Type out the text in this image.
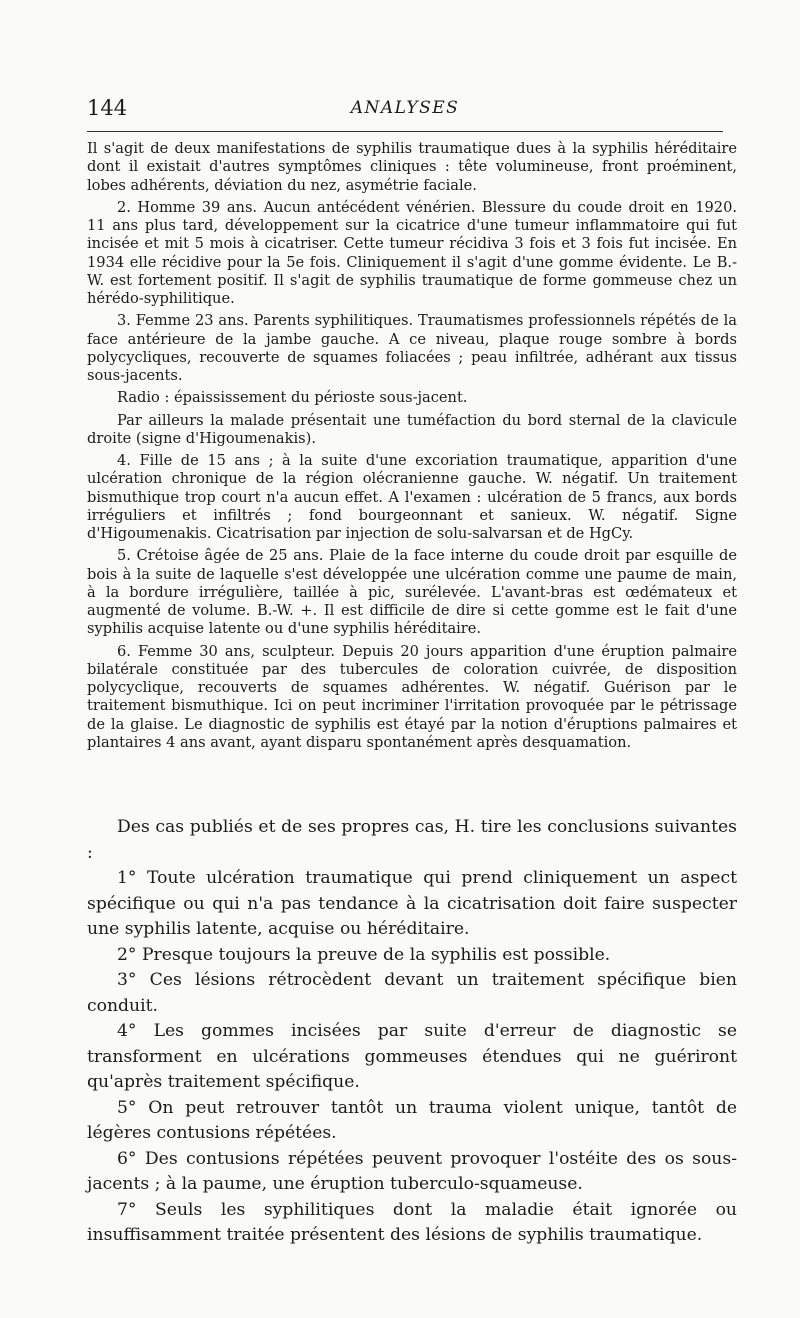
144	ANALYSES

Il s'agit de deux manifestations de syphilis traumatique dues à la syphilis héréditaire dont il existait d'autres symptômes cliniques : tête volumineuse, front proéminent, lobes adhérents, déviation du nez, asymétrie faciale.

2. Homme 39 ans. Aucun antécédent vénérien. Blessure du coude droit en 1920. 11 ans plus tard, développement sur la cicatrice d'une tumeur inflammatoire qui fut incisée et mit 5 mois à cicatriser. Cette tumeur récidiva 3 fois et 3 fois fut incisée. En 1934 elle récidive pour la 5e fois. Cliniquement il s'agit d'une gomme évidente. Le B.-W. est fortement positif. Il s'agit de syphilis traumatique de forme gommeuse chez un hérédo-syphilitique.

3. Femme 23 ans. Parents syphilitiques. Traumatismes professionnels répétés de la face antérieure de la jambe gauche. A ce niveau, plaque rouge sombre à bords polycycliques, recouverte de squames foliacées ; peau infiltrée, adhérant aux tissus sous-jacents.

Radio : épaississement du périoste sous-jacent.

Par ailleurs la malade présentait une tuméfaction du bord sternal de la clavicule droite (signe d'Higoumenakis).

4. Fille de 15 ans ; à la suite d'une excoriation traumatique, apparition d'une ulcération chronique de la région olécranienne gauche. W. négatif. Un traitement bismuthique trop court n'a aucun effet. A l'examen : ulcération de 5 francs, aux bords irréguliers et infiltrés ; fond bourgeonnant et sanieux. W. négatif. Signe d'Higoumenakis. Cicatrisation par injection de solu-salvarsan et de HgCy.

5. Crétoise âgée de 25 ans. Plaie de la face interne du coude droit par esquille de bois à la suite de laquelle s'est développée une ulcération comme une paume de main, à la bordure irrégulière, taillée à pic, surélevée. L'avant-bras est œdémateux et augmenté de volume. B.-W. +. Il est difficile de dire si cette gomme est le fait d'une syphilis acquise latente ou d'une syphilis héréditaire.

6. Femme 30 ans, sculpteur. Depuis 20 jours apparition d'une éruption palmaire bilatérale constituée par des tubercules de coloration cuivrée, de disposition polycyclique, recouverts de squames adhérentes. W. négatif. Guérison par le traitement bismuthique. Ici on peut incriminer l'irritation provoquée par le pétrissage de la glaise. Le diagnostic de syphilis est étayé par la notion d'éruptions palmaires et plantaires 4 ans avant, ayant disparu spontanément après desquamation.

Des cas publiés et de ses propres cas, H. tire les conclusions suivantes :

1° Toute ulcération traumatique qui prend cliniquement un aspect spécifique ou qui n'a pas tendance à la cicatrisation doit faire suspecter une syphilis latente, acquise ou héréditaire.

2° Presque toujours la preuve de la syphilis est possible.

3° Ces lésions rétrocèdent devant un traitement spécifique bien conduit.

4° Les gommes incisées par suite d'erreur de diagnostic se transforment en ulcérations gommeuses étendues qui ne guériront qu'après traitement spécifique.

5° On peut retrouver tantôt un trauma violent unique, tantôt de légères contusions répétées.

6° Des contusions répétées peuvent provoquer l'ostéite des os sous-jacents ; à la paume, une éruption tuberculo-squameuse.

7° Seuls les syphilitiques dont la maladie était ignorée ou insuffisamment traitée présentent des lésions de syphilis traumatique.
